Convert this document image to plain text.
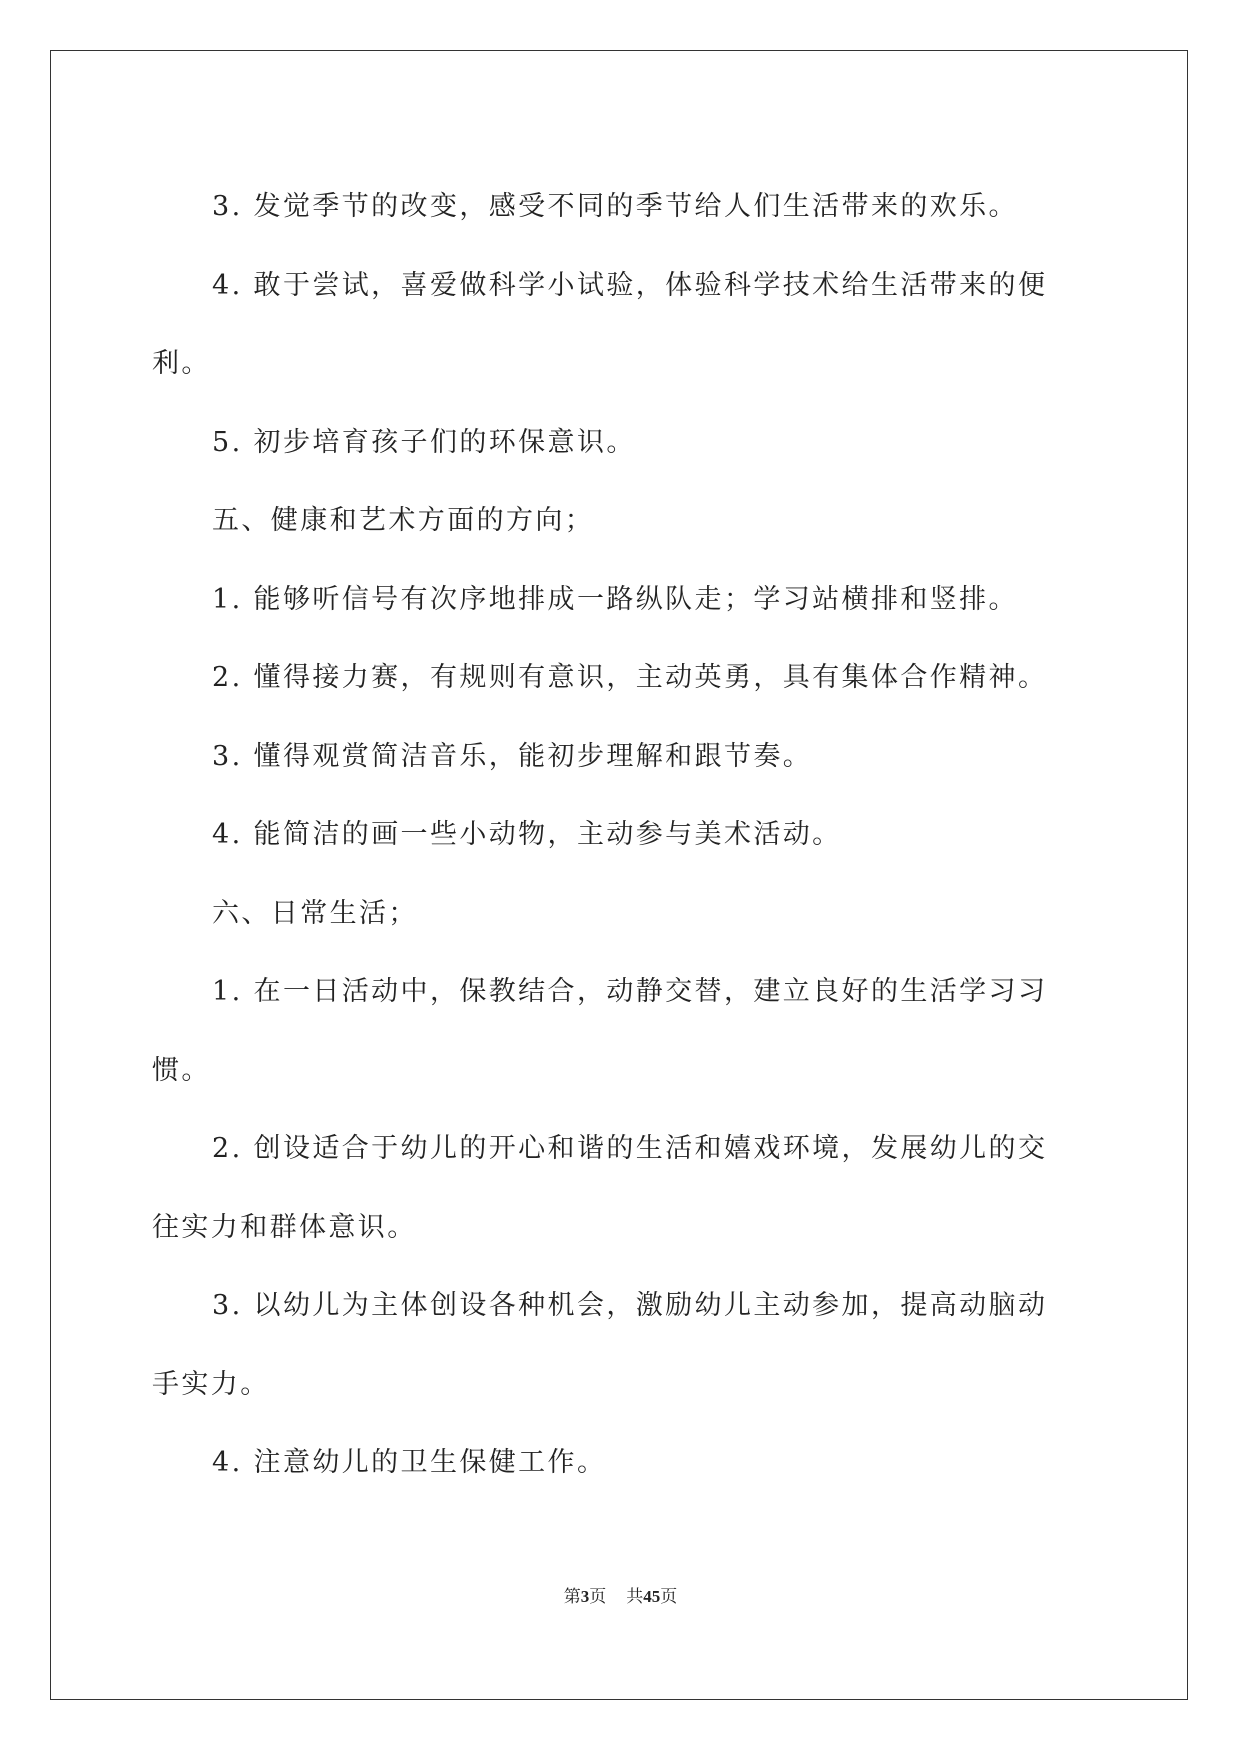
3. 发觉季节的改变，感受不同的季节给人们生活带来的欢乐。

4. 敢于尝试，喜爱做科学小试验，体验科学技术给生活带来的便

利。

5. 初步培育孩子们的环保意识。

五、健康和艺术方面的方向；

1. 能够听信号有次序地排成一路纵队走；学习站横排和竖排。

2. 懂得接力赛，有规则有意识，主动英勇，具有集体合作精神。

3. 懂得观赏简洁音乐，能初步理解和跟节奏。

4. 能简洁的画一些小动物，主动参与美术活动。

六、日常生活；

1. 在一日活动中，保教结合，动静交替，建立良好的生活学习习

惯。

2. 创设适合于幼儿的开心和谐的生活和嬉戏环境，发展幼儿的交

往实力和群体意识。

3. 以幼儿为主体创设各种机会，激励幼儿主动参加，提高动脑动

手实力。

4. 注意幼儿的卫生保健工作。

第3页 共45页
